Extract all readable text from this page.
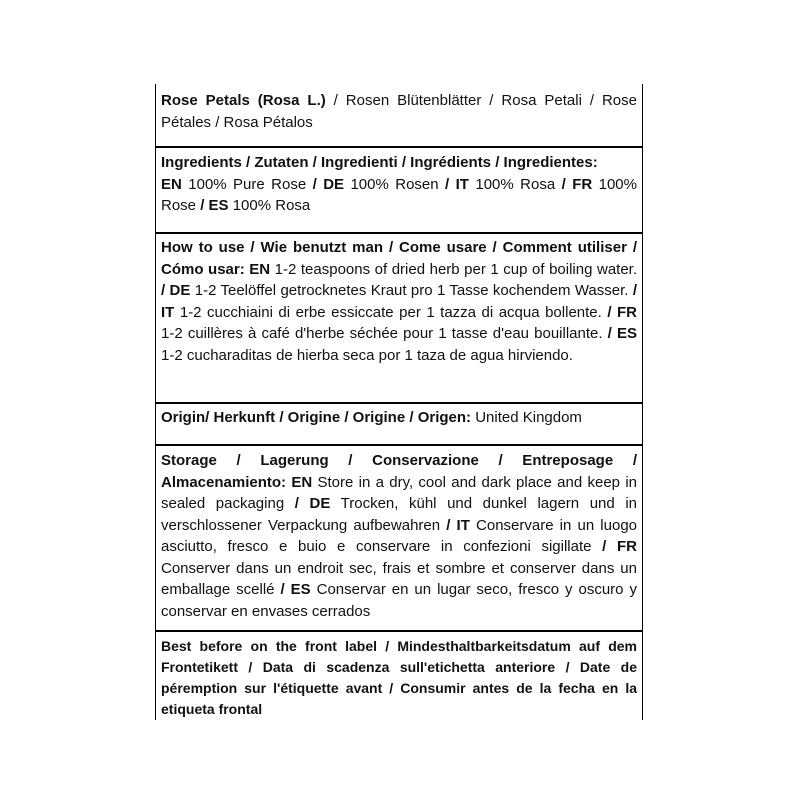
Rose Petals (Rosa L.) / Rosen Blütenblätter / Rosa Petali / Rose Pétales / Rosa Pétalos

Ingredients / Zutaten / Ingredienti / Ingrédients / Ingredientes:
EN 100% Pure Rose / DE 100% Rosen / IT 100% Rosa / FR 100% Rose / ES 100% Rosa

How to use / Wie benutzt man / Come usare / Comment utiliser / Cómo usar: EN 1-2 teaspoons of dried herb per 1 cup of boiling water. / DE 1-2 Teelöffel getrocknetes Kraut pro 1 Tasse kochendem Wasser. / IT 1-2 cucchiaini di erbe essiccate per 1 tazza di acqua bollente. / FR 1-2 cuillères à café d'herbe séchée pour 1 tasse d'eau bouillante. / ES 1-2 cucharaditas de hierba seca por 1 taza de agua hirviendo.

Origin/ Herkunft / Origine / Origine / Origen: United Kingdom

Storage / Lagerung / Conservazione / Entreposage / Almacenamiento: EN Store in a dry, cool and dark place and keep in sealed packaging / DE Trocken, kühl und dunkel lagern und in verschlossener Verpackung aufbewahren / IT Conservare in un luogo asciutto, fresco e buio e conservare in confezioni sigillate / FR Conserver dans un endroit sec, frais et sombre et conserver dans un emballage scellé / ES Conservar en un lugar seco, fresco y oscuro y conservar en envases cerrados

Best before on the front label / Mindesthaltbarkeitsdatum auf dem Frontetikett / Data di scadenza sull'etichetta anteriore / Date de péremption sur l'étiquette avant / Consumir antes de la fecha en la etiqueta frontal
